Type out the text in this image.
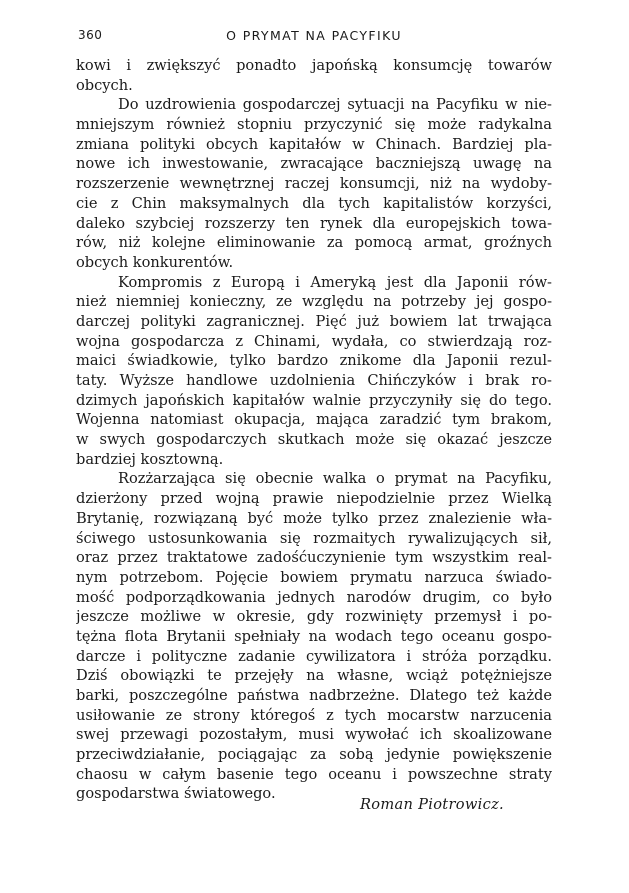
360	O PRYMAT NA PACYFIKU
kowi i zwiększyć ponadto japońską konsumcję towarów
obcych.
Do uzdrowienia gospodarczej sytuacji na Pacyfiku w nie-
mniejszym również stopniu przyczynić się może radykalna
zmiana polityki obcych kapitałów w Chinach. Bardziej pla-
nowe ich inwestowanie, zwracające baczniejszą uwagę na
rozszerzenie wewnętrznej raczej konsumcji, niż na wydoby-
cie z Chin maksymalnych dla tych kapitalistów korzyści,
daleko szybciej rozszerzy ten rynek dla europejskich towa-
rów, niż kolejne eliminowanie za pomocą armat, groźnych
obcych konkurentów.
Kompromis z Europą i Ameryką jest dla Japonii rów-
nież niemniej konieczny, ze względu na potrzeby jej gospo-
darczej polityki zagranicznej. Pięć już bowiem lat trwająca
wojna gospodarcza z Chinami, wydała, co stwierdzają roz-
maici świadkowie, tylko bardzo znikome dla Japonii rezul-
taty. Wyższe handlowe uzdolnienia Chińczyków i brak ro-
dzimych japońskich kapitałów walnie przyczyniły się do tego.
Wojenna natomiast okupacja, mająca zaradzić tym brakom,
w swych gospodarczych skutkach może się okazać jeszcze
bardziej kosztowną.
Rozżarzająca się obecnie walka o prymat na Pacyfiku,
dzierżony przed wojną prawie niepodzielnie przez Wielką
Brytanię, rozwiązaną być może tylko przez znalezienie wła-
ściwego ustosunkowania się rozmaitych rywalizujących sił,
oraz przez traktatowe zadośćuczynienie tym wszystkim real-
nym potrzebom. Pojęcie bowiem prymatu narzuca świado-
mość podporządkowania jednych narodów drugim, co było
jeszcze możliwe w okresie, gdy rozwinięty przemysł i po-
tężna flota Brytanii spełniały na wodach tego oceanu gospo-
darcze i polityczne zadanie cywilizatora i stróża porządku.
Dziś obowiązki te przejęły na własne, wciąż potężniejsze
barki, poszczególne państwa nadbrzeżne. Dlatego też każde
usiłowanie ze strony któregoś z tych mocarstw narzucenia
swej przewagi pozostałym, musi wywołać ich skoalizowane
przeciwdziałanie, pociągając za sobą jedynie powiększenie
chaosu w całym basenie tego oceanu i powszechne straty
gospodarstwa światowego.
Roman Piotrowicz.
